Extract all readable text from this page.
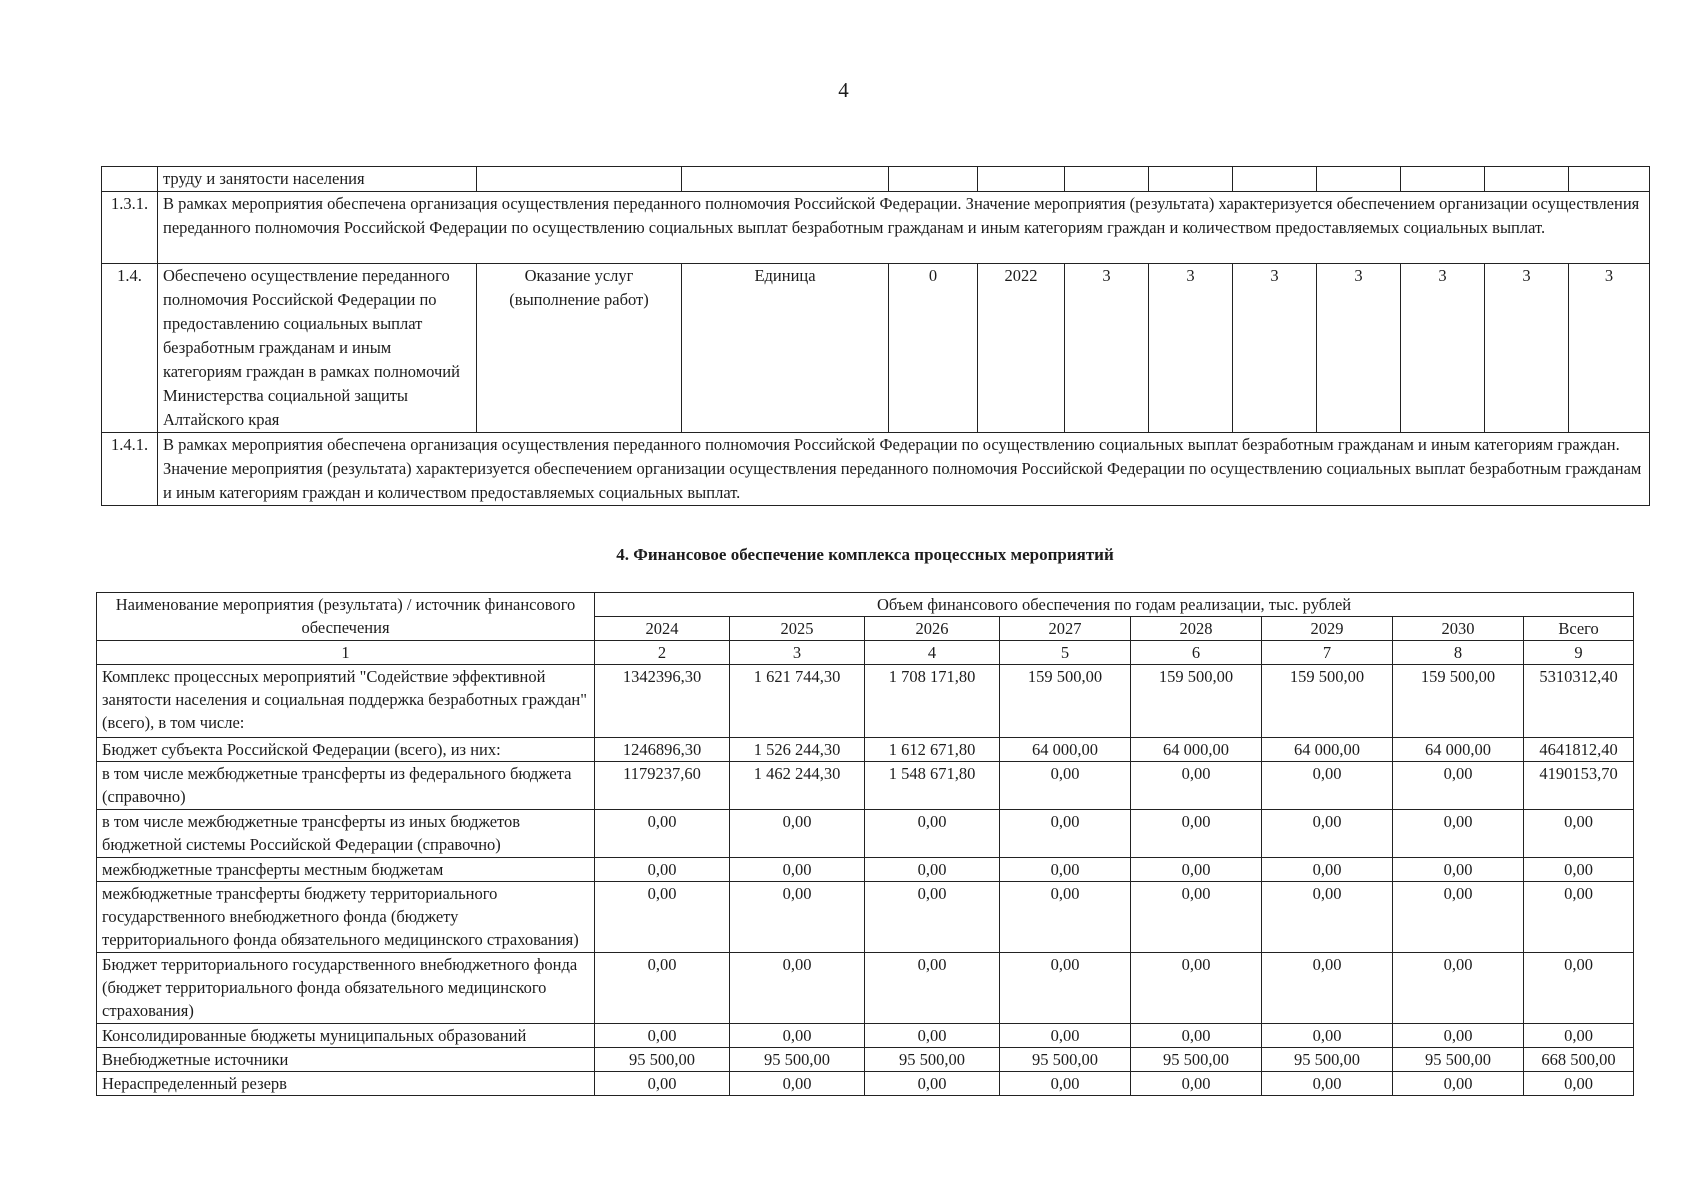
4
	труду и занятости населения											
1.3.1.	В рамках мероприятия обеспечена организация осуществления переданного полномочия Российской Федерации. Значение мероприятия (результата) характеризуется обеспечением организации осуществления переданного полномочия Российской Федерации по осуществлению социальных выплат безработным гражданам и иным категориям граждан и количеством предоставляемых социальных выплат.											
1.4.	Обеспечено осуществление переданного полномочия Российской Федерации по предоставлению социальных выплат безработным гражданам и иным категориям граждан в рамках полномочий Министерства социальной защиты Алтайского края	Оказание услуг (выполнение работ)	Единица	0	2022	3	3	3	3	3	3	3
1.4.1.	В рамках мероприятия обеспечена организация осуществления переданного полномочия Российской Федерации по осуществлению социальных выплат безработным гражданам и иным категориям граждан. Значение мероприятия (результата) характеризуется обеспечением организации осуществления переданного полномочия Российской Федерации по осуществлению социальных выплат безработным гражданам и иным категориям граждан и количеством предоставляемых социальных выплат.											
4. Финансовое обеспечение комплекса процессных мероприятий
Наименование мероприятия (результата) / источник финансового обеспечения	Объем финансового обеспечения по годам реализации, тыс. рублей							
	2024	2025	2026	2027	2028	2029	2030	Всего
1	2	3	4	5	6	7	8	9
Комплекс процессных мероприятий "Содействие эффективной занятости населения и социальная поддержка безработных граждан" (всего), в том числе:	1342396,30	1 621 744,30	1 708 171,80	159 500,00	159 500,00	159 500,00	159 500,00	5310312,40
Бюджет субъекта Российской Федерации (всего), из них:	1246896,30	1 526 244,30	1 612 671,80	64 000,00	64 000,00	64 000,00	64 000,00	4641812,40
в том числе межбюджетные трансферты из федерального бюджета (справочно)	1179237,60	1 462 244,30	1 548 671,80	0,00	0,00	0,00	0,00	4190153,70
в том числе межбюджетные трансферты из иных бюджетов бюджетной системы Российской Федерации (справочно)	0,00	0,00	0,00	0,00	0,00	0,00	0,00	0,00
межбюджетные трансферты местным бюджетам	0,00	0,00	0,00	0,00	0,00	0,00	0,00	0,00
межбюджетные трансферты бюджету территориального государственного внебюджетного фонда (бюджету территориального фонда обязательного медицинского страхования)	0,00	0,00	0,00	0,00	0,00	0,00	0,00	0,00
Бюджет территориального государственного внебюджетного фонда (бюджет территориального фонда обязательного медицинского страхования)	0,00	0,00	0,00	0,00	0,00	0,00	0,00	0,00
Консолидированные бюджеты муниципальных образований	0,00	0,00	0,00	0,00	0,00	0,00	0,00	0,00
Внебюджетные источники	95 500,00	95 500,00	95 500,00	95 500,00	95 500,00	95 500,00	95 500,00	668 500,00
Нераспределенный резерв	0,00	0,00	0,00	0,00	0,00	0,00	0,00	0,00
